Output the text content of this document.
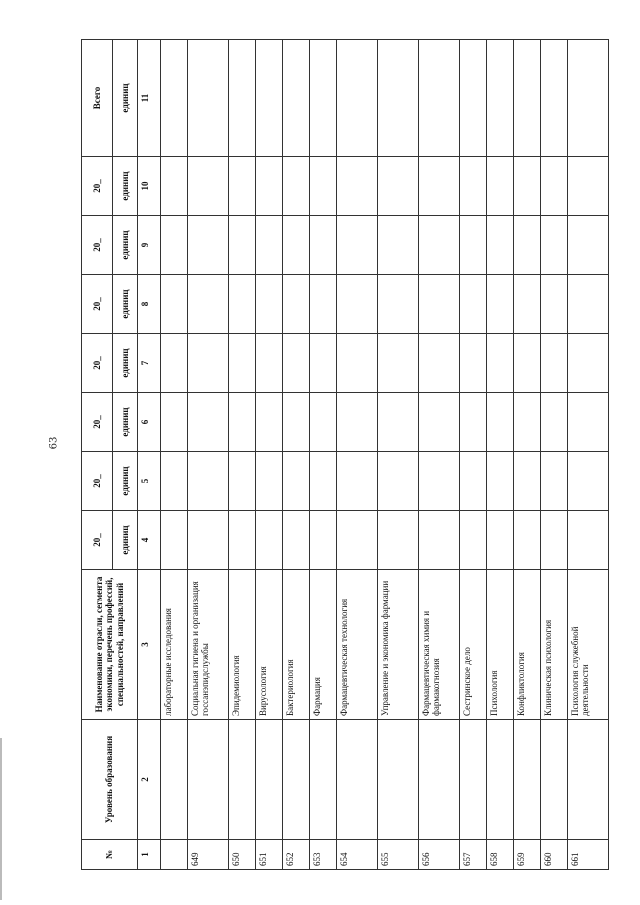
63
№	Уровень образования	Наименование отрасли, сегмента экономики, перечень профессий, специальностей, направлений	20_	20_	20_	20_	20_	20_	20_	Всего
			единиц	единиц	единиц	единиц	единиц	единиц	единиц	единиц
1	2	3	4	5	6	7	8	9	10	11
		лабораторные исследования								
649		Социальная гигиена и организация госсанэпидслужбы								
650		Эпидемиология								
651		Вирусология								
652		Бактериология								
653		Фармация								
654		Фармацевтическая технология								
655		Управление и экономика фармации								
656		Фармацевтическая химия и фармакогнозия								
657		Сестринское дело								
658		Психология								
659		Конфликтология								
660		Клиническая психология								
661		Психология служебной деятельности								
